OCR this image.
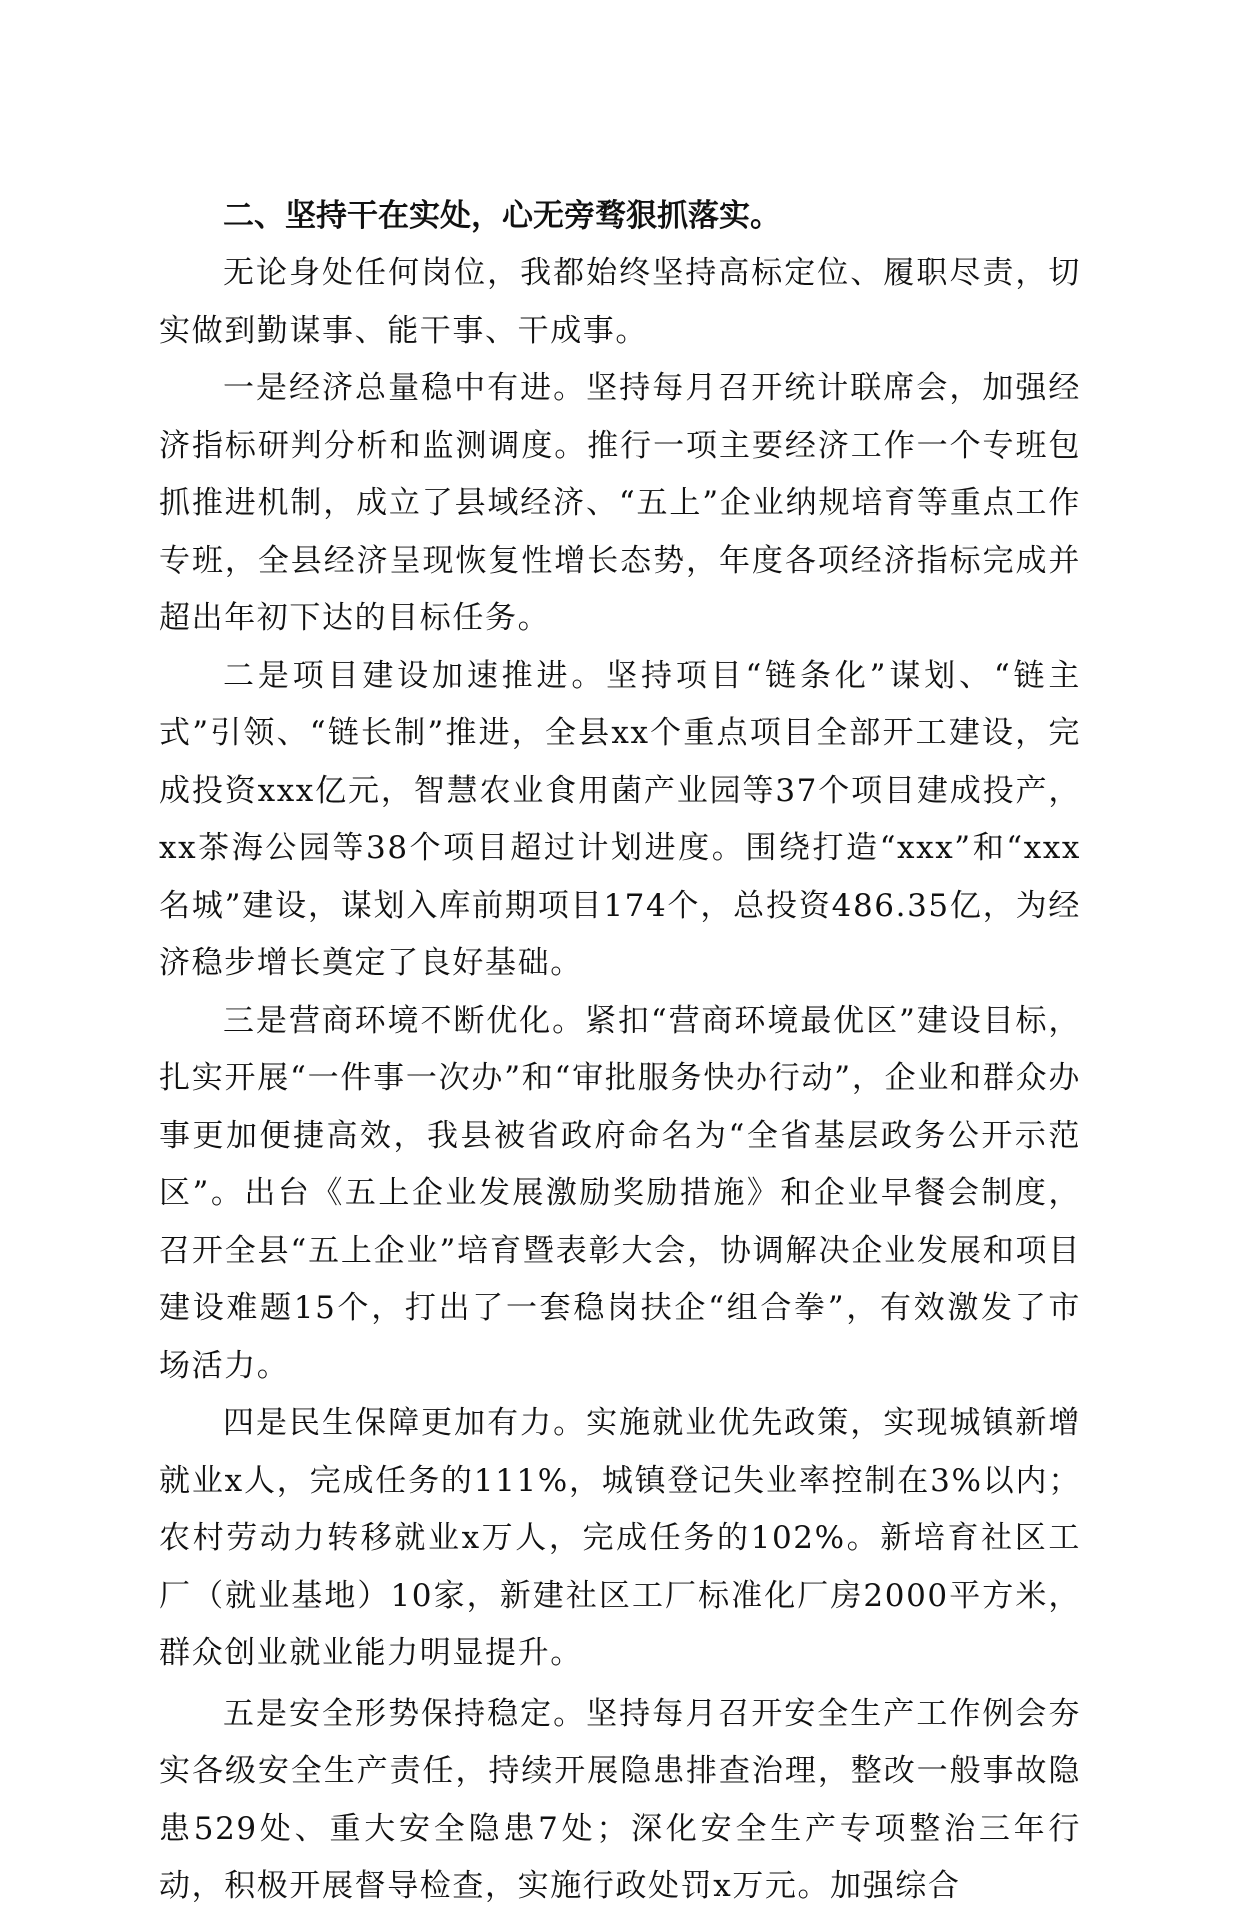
二、坚持干在实处，心无旁骛狠抓落实。

无论身处任何岗位，我都始终坚持高标定位、履职尽责，切实做到勤谋事、能干事、干成事。

一是经济总量稳中有进。坚持每月召开统计联席会，加强经济指标研判分析和监测调度。推行一项主要经济工作一个专班包抓推进机制，成立了县域经济、“五上”企业纳规培育等重点工作专班，全县经济呈现恢复性增长态势，年度各项经济指标完成并超出年初下达的目标任务。

二是项目建设加速推进。坚持项目“链条化”谋划、“链主式”引领、“链长制”推进，全县xx个重点项目全部开工建设，完成投资xxx亿元，智慧农业食用菌产业园等37个项目建成投产，xx茶海公园等38个项目超过计划进度。围绕打造“xxx”和“xxx名城”建设，谋划入库前期项目174个，总投资486.35亿，为经济稳步增长奠定了良好基础。

三是营商环境不断优化。紧扣“营商环境最优区”建设目标，扎实开展“一件事一次办”和“审批服务快办行动”，企业和群众办事更加便捷高效，我县被省政府命名为“全省基层政务公开示范区”。出台《五上企业发展激励奖励措施》和企业早餐会制度，召开全县“五上企业”培育暨表彰大会，协调解决企业发展和项目建设难题15个，打出了一套稳岗扶企“组合拳”，有效激发了市场活力。

四是民生保障更加有力。实施就业优先政策，实现城镇新增就业x人，完成任务的111%，城镇登记失业率控制在3%以内；农村劳动力转移就业x万人，完成任务的102%。新培育社区工厂（就业基地）10家，新建社区工厂标准化厂房2000平方米，群众创业就业能力明显提升。

五是安全形势保持稳定。坚持每月召开安全生产工作例会夯实各级安全生产责任，持续开展隐患排查治理，整改一般事故隐患529处、重大安全隐患7处；深化安全生产专项整治三年行动，积极开展督导检查，实施行政处罚x万元。加强综合
